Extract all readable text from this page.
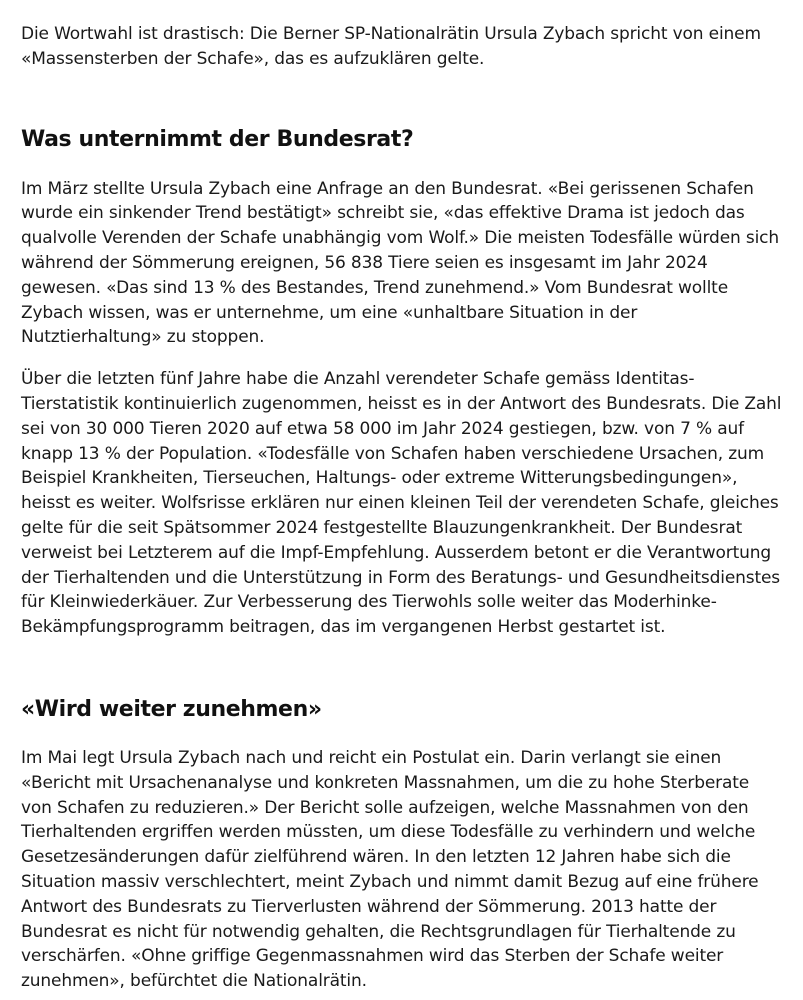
Die Wortwahl ist drastisch: Die Berner SP-Nationalrätin Ursula Zybach spricht von einem «Massensterben der Schafe», das es aufzuklären gelte.

Was unternimmt der Bundesrat?

Im März stellte Ursula Zybach eine Anfrage an den Bundesrat. «Bei gerissenen Schafen wurde ein sinkender Trend bestätigt» schreibt sie, «das effektive Drama ist jedoch das qualvolle Verenden der Schafe unabhängig vom Wolf.» Die meisten Todesfälle würden sich während der Sömmerung ereignen, 56 838 Tiere seien es insgesamt im Jahr 2024 gewesen. «Das sind 13 % des Bestandes, Trend zunehmend.» Vom Bundesrat wollte Zybach wissen, was er unternehme, um eine «unhaltbare Situation in der Nutztierhaltung» zu stoppen.

Über die letzten fünf Jahre habe die Anzahl verendeter Schafe gemäss Identitas-Tierstatistik kontinuierlich zugenommen, heisst es in der Antwort des Bundesrats. Die Zahl sei von 30 000 Tieren 2020 auf etwa 58 000 im Jahr 2024 gestiegen, bzw. von 7 % auf knapp 13 % der Population. «Todesfälle von Schafen haben verschiedene Ursachen, zum Beispiel Krankheiten, Tierseuchen, Haltungs- oder extreme Witterungsbedingungen», heisst es weiter. Wolfsrisse erklären nur einen kleinen Teil der verendeten Schafe, gleiches gelte für die seit Spätsommer 2024 festgestellte Blauzungenkrankheit. Der Bundesrat verweist bei Letzterem auf die Impf-Empfehlung. Ausserdem betont er die Verantwortung der Tierhaltenden und die Unterstützung in Form des Beratungs- und Gesundheitsdienstes für Kleinwiederkäuer. Zur Verbesserung des Tierwohls solle weiter das Moderhinke-Bekämpfungsprogramm beitragen, das im vergangenen Herbst gestartet ist.

«Wird weiter zunehmen»

Im Mai legt Ursula Zybach nach und reicht ein Postulat ein. Darin verlangt sie einen «Bericht mit Ursachenanalyse und konkreten Massnahmen, um die zu hohe Sterberate von Schafen zu reduzieren.» Der Bericht solle aufzeigen, welche Massnahmen von den Tierhaltenden ergriffen werden müssten, um diese Todesfälle zu verhindern und welche Gesetzesänderungen dafür zielführend wären. In den letzten 12 Jahren habe sich die Situation massiv verschlechtert, meint Zybach und nimmt damit Bezug auf eine frühere Antwort des Bundesrats zu Tierverlusten während der Sömmerung. 2013 hatte der Bundesrat es nicht für notwendig gehalten, die Rechtsgrundlagen für Tierhaltende zu verschärfen. «Ohne griffige Gegenmassnahmen wird das Sterben der Schafe weiter zunehmen», befürchtet die Nationalrätin.
